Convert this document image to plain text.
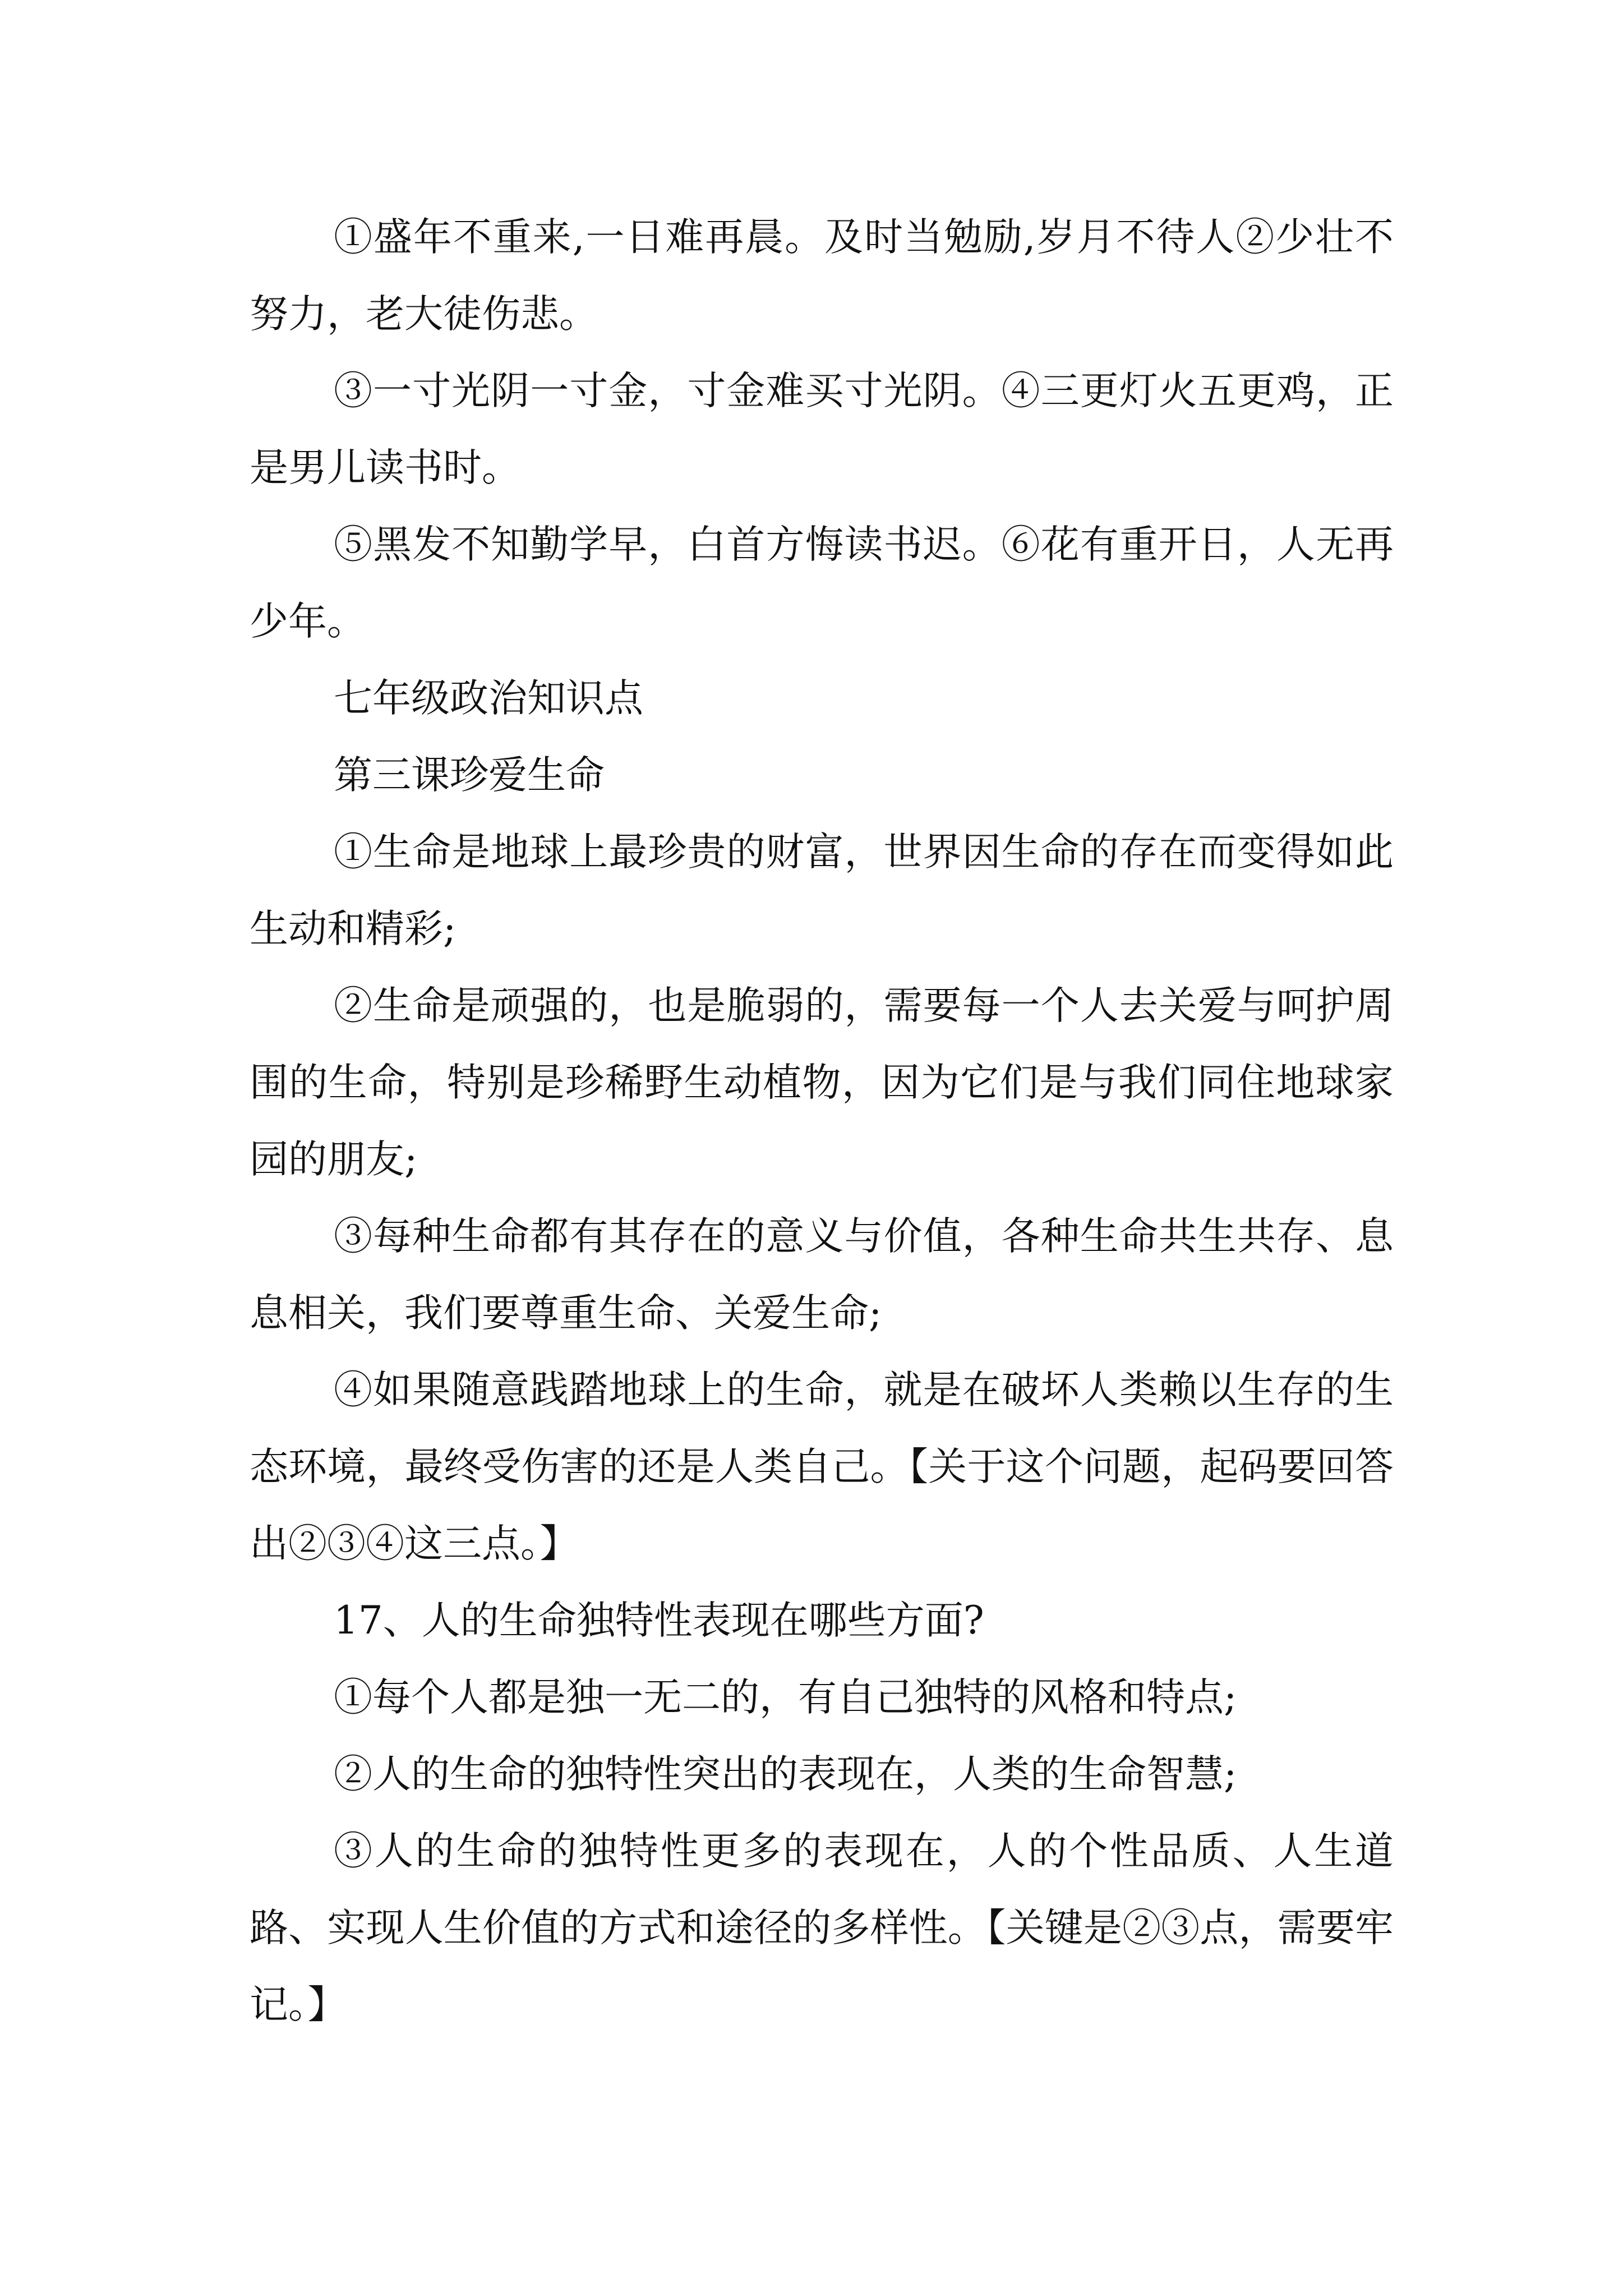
①盛年不重来,一日难再晨。及时当勉励,岁月不待人②少壮不努力，老大徒伤悲。

③一寸光阴一寸金，寸金难买寸光阴。④三更灯火五更鸡，正是男儿读书时。

⑤黑发不知勤学早，白首方悔读书迟。⑥花有重开日，人无再少年。

七年级政治知识点

第三课珍爱生命

①生命是地球上最珍贵的财富，世界因生命的存在而变得如此生动和精彩;

②生命是顽强的，也是脆弱的，需要每一个人去关爱与呵护周围的生命，特别是珍稀野生动植物，因为它们是与我们同住地球家园的朋友;

③每种生命都有其存在的意义与价值，各种生命共生共存、息息相关，我们要尊重生命、关爱生命;

④如果随意践踏地球上的生命，就是在破坏人类赖以生存的生态环境，最终受伤害的还是人类自己。【关于这个问题，起码要回答出②③④这三点。】

17、人的生命独特性表现在哪些方面?

①每个人都是独一无二的，有自己独特的风格和特点;

②人的生命的独特性突出的表现在，人类的生命智慧;

③人的生命的独特性更多的表现在，人的个性品质、人生道路、实现人生价值的方式和途径的多样性。【关键是②③点，需要牢记。】
